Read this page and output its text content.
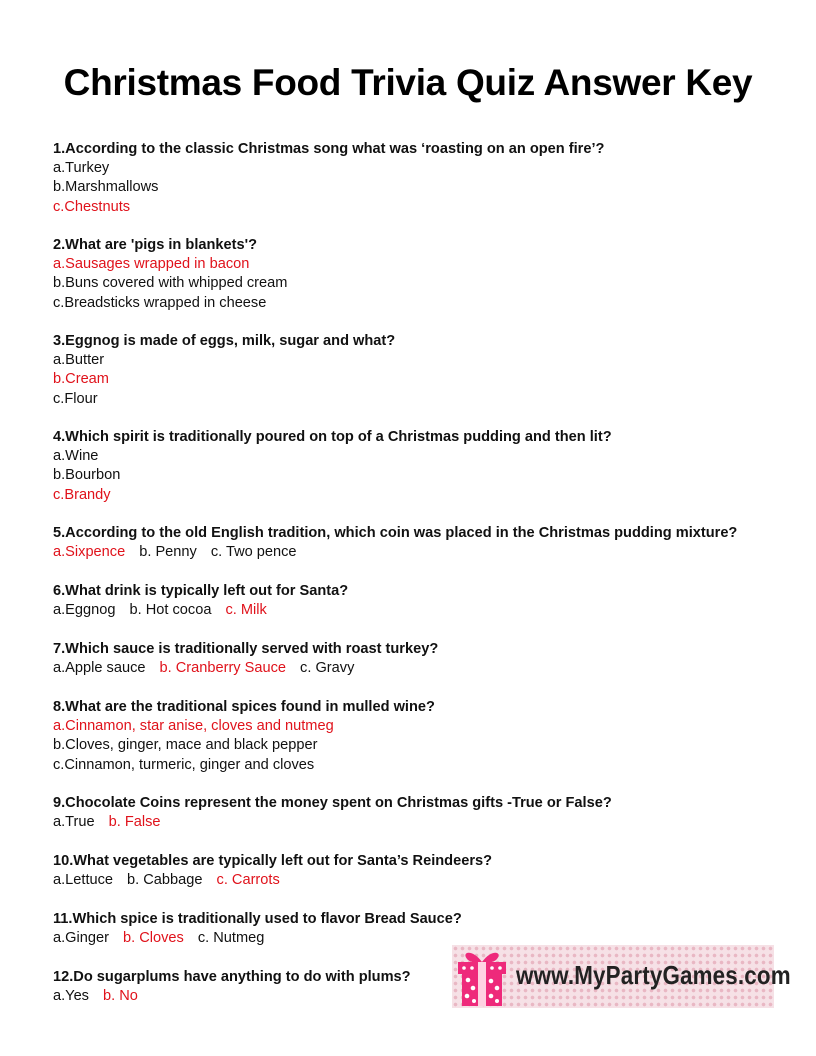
Christmas Food Trivia Quiz Answer Key
1.According to the classic Christmas song what was ‘roasting on an open fire’?
a.Turkey
b.Marshmallows
c.Chestnuts
2.What are 'pigs in blankets'?
a.Sausages wrapped in bacon
b.Buns covered with whipped cream
c.Breadsticks wrapped in cheese
3.Eggnog is made of eggs, milk, sugar and what?
a.Butter
b.Cream
c.Flour
4.Which spirit is traditionally poured on top of a Christmas pudding and then lit?
a.Wine
b.Bourbon
c.Brandy
5.According to the old English tradition, which coin was placed in the Christmas pudding mixture?
a.Sixpence b. Penny c. Two pence
6.What drink is typically left out for Santa?
a.Eggnog b. Hot cocoa c. Milk
7.Which sauce is traditionally served with roast turkey?
a.Apple sauce b. Cranberry Sauce c. Gravy
8.What are the traditional spices found in mulled wine?
a.Cinnamon, star anise, cloves and nutmeg
b.Cloves, ginger, mace and black pepper
c.Cinnamon, turmeric, ginger and cloves
9.Chocolate Coins represent the money spent on Christmas gifts -True or False?
a.True b. False
10.What vegetables are typically left out for Santa’s Reindeers?
a.Lettuce b. Cabbage c. Carrots
11.Which spice is traditionally used to flavor Bread Sauce?
a.Ginger b. Cloves c. Nutmeg
12.Do sugarplums have anything to do with plums?
a.Yes b. No
www.MyPartyGames.com
